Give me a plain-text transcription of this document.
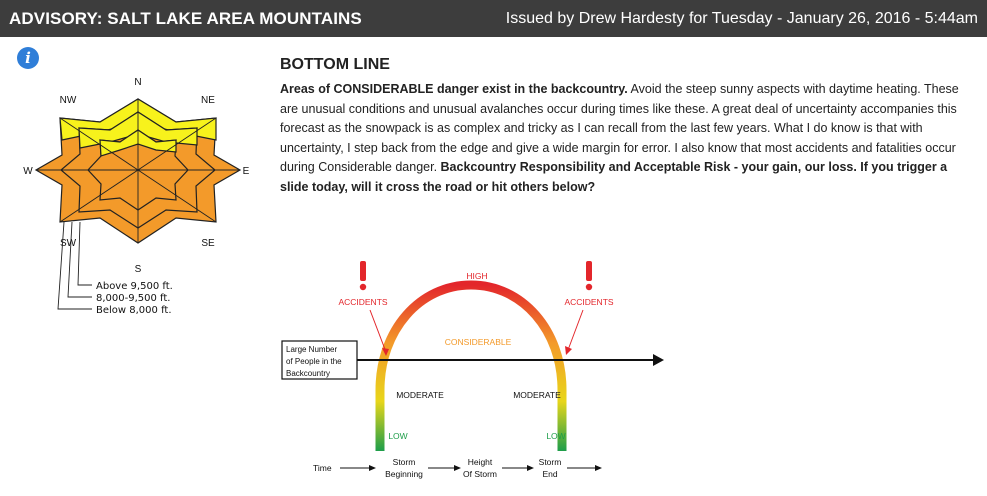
ADVISORY: SALT LAKE AREA MOUNTAINS	Issued by Drew Hardesty for Tuesday - January 26, 2016 - 5:44am
i
N
NE
E
SE
S
SW
W
NW
Above 9,500 ft.
8,000-9,500 ft.
Below 8,000 ft.
BOTTOM LINE

Areas of CONSIDERABLE danger exist in the backcountry. Avoid the steep sunny aspects with daytime heating. These are unusual conditions and unusual avalanches occur during times like these. A great deal of uncertainty accompanies this forecast as the snowpack is as complex and tricky as I can recall from the last few years. What I do know is that with uncertainty, I step back from the edge and give a wide margin for error. I also know that most accidents and fatalities occur during Considerable danger. Backcountry Responsibility and Acceptable Risk - your gain, our loss. If you trigger a slide today, will it cross the road or hit others below?

HIGH
CONSIDERABLE
MODERATE	MODERATE
LOW	LOW
ACCIDENTS	ACCIDENTS
Large Number
of People in the
Backcountry
Time
Storm
Beginning
Height
Of Storm
Storm
End
